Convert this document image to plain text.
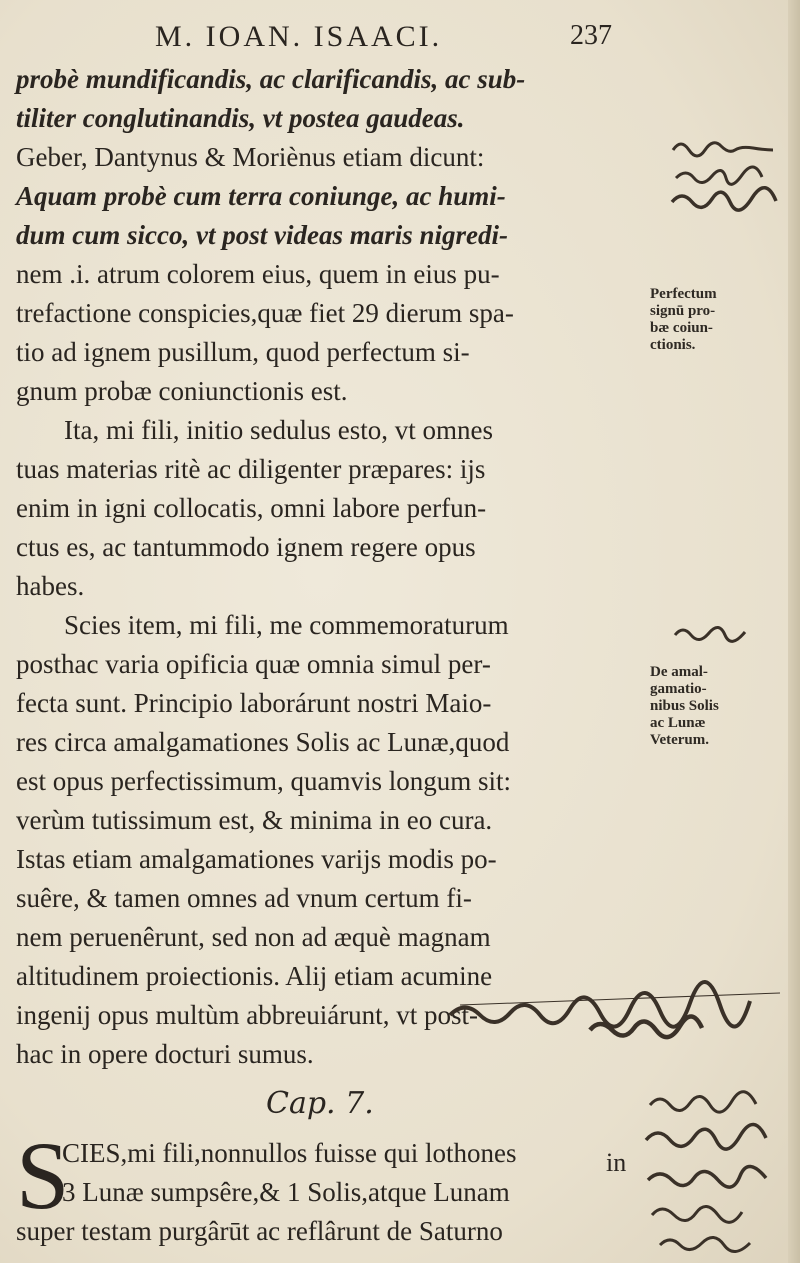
M. IOAN. ISAACI.	237
probè mundificandis, ac clarificandis, ac sub-
tiliter conglutinandis, vt postea gaudeas.
Geber, Dantynus & Moriènus etiam dicunt:
Aquam probè cum terra coniunge, ac humi-
dum cum sicco, vt post videas maris nigredi-
nem .i. atrum colorem eius, quem in eius pu-
trefactione conspicies,quæ fiet 29 dierum spa-
tio ad ignem pusillum, quod perfectum si-
gnum probæ coniunctionis est.
Ita, mi fili, initio sedulus esto, vt omnes
tuas materias ritè ac diligenter præpares: ijs
enim in igni collocatis, omni labore perfun-
ctus es, ac tantummodo ignem regere opus
habes.
Scies item, mi fili, me commemoraturum
posthac varia opificia quæ omnia simul per-
fecta sunt. Principio laborárunt nostri Maio-
res circa amalgamationes Solis ac Lunæ,quod
est opus perfectissimum, quamvis longum sit:
verùm tutissimum est, & minima in eo cura.
Istas etiam amalgamationes varijs modis po-
suêre, & tamen omnes ad vnum certum fi-
nem peruenêrunt, sed non ad æquè magnam
altitudinem proiectionis. Alij etiam acumine
ingenij opus multùm abbreuiárunt, vt post-
hac in opere docturi sumus.
Cap. 7.
S
CIES,mi fili,nonnullos fuisse qui lothones
3 Lunæ sumpsêre,& 1 Solis,atque Lunam
super testam purgârūt ac reflârunt de Saturno
in
Perfectum
signū pro-
bæ coiun-
ctionis.
De amal-
gamatio-
nibus Solis
ac Lunæ
Veterum.
